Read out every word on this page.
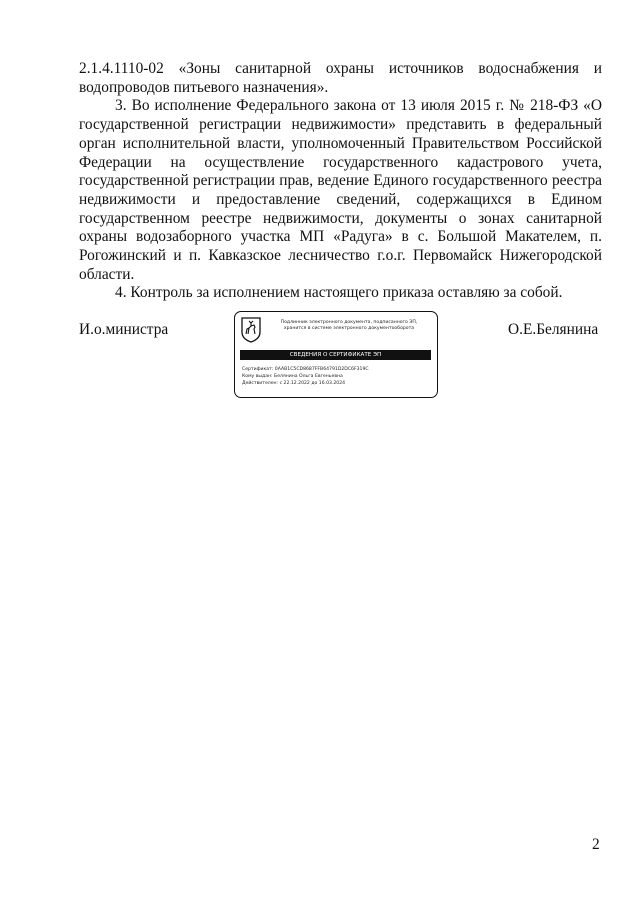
2.1.4.1110-02 «Зоны санитарной охраны источников водоснабжения и водопроводов питьевого назначения».

3. Во исполнение Федерального закона от 13 июля 2015 г. № 218-ФЗ «О государственной регистрации недвижимости» представить в федеральный орган исполнительной власти, уполномоченный Правительством Российской Федерации на осуществление государственного кадастрового учета, государственной регистрации прав, ведение Единого государственного реестра недвижимости и предоставление сведений, содержащихся в Едином государственном реестре недвижимости, документы о зонах санитарной охраны водозаборного участка МП «Радуга» в с. Большой Макателем, п. Рогожинский и п. Кавказское лесничество г.о.г. Первомайск Нижегородской области.

4. Контроль за исполнением настоящего приказа оставляю за собой.

И.о.министра	Подлинник электронного документа, подписанного ЭП,
хранится в системе электронного документооборота
СВЕДЕНИЯ О СЕРТИФИКАТЕ ЭП
Сертификат: 0AAB1C5CD8687FFB64791D2DC6F319C
Кому выдан: Белянина Ольга Евгеньевна
Действителен: с 22.12.2022 до 16.03.2024
О.Е.Белянина
2
